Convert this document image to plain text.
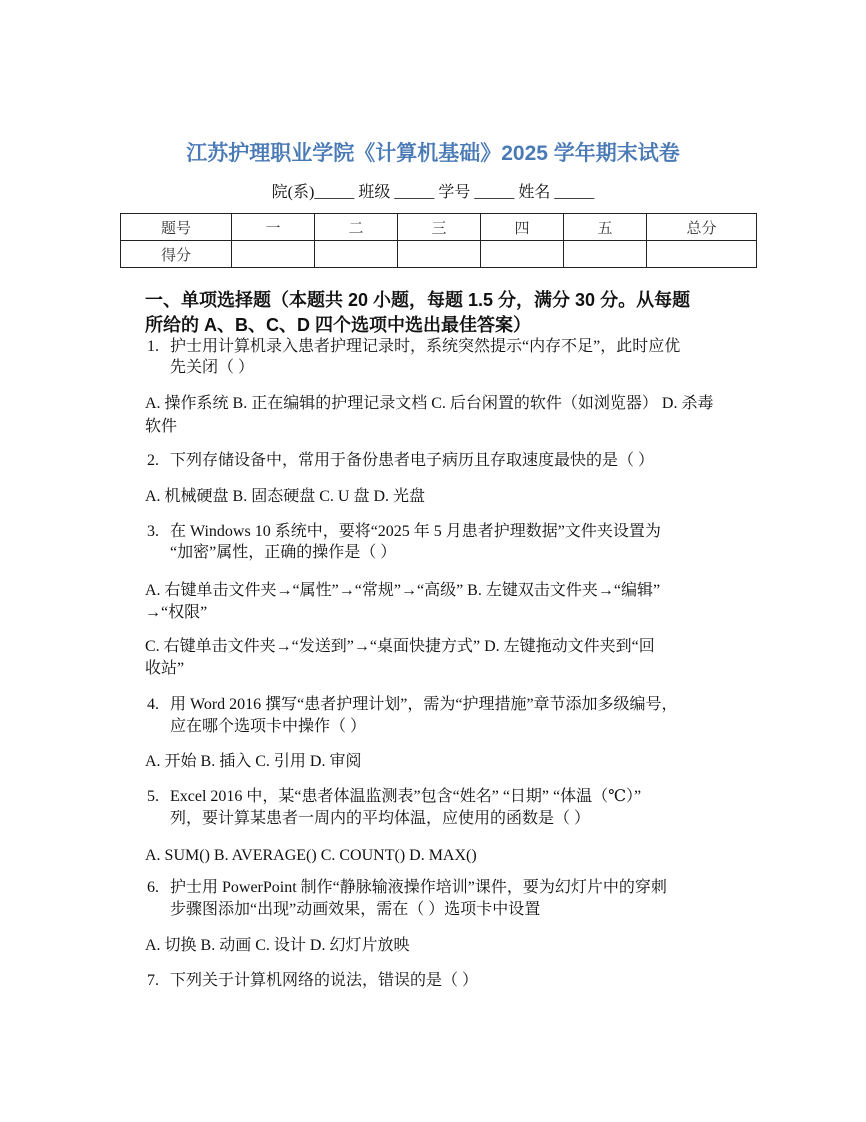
江苏护理职业学院《计算机基础》2025 学年期末试卷
院(系)_____ 班级 _____ 学号 _____ 姓名 _____
题号	一	二	三	四	五	总分
得分						
一、单项选择题（本题共 20 小题，每题 1.5 分，满分 30 分。从每题
所给的 A、B、C、D 四个选项中选出最佳答案）
1. 护士用计算机录入患者护理记录时，系统突然提示“内存不足”，此时应优
先关闭（ ）
A. 操作系统 B. 正在编辑的护理记录文档 C. 后台闲置的软件（如浏览器） D. 杀毒
软件
2. 下列存储设备中，常用于备份患者电子病历且存取速度最快的是（ ）
A. 机械硬盘 B. 固态硬盘 C. U 盘 D. 光盘
3. 在 Windows 10 系统中，要将“2025 年 5 月患者护理数据”文件夹设置为
“加密”属性，正确的操作是（ ）
A. 右键单击文件夹→“属性”→“常规”→“高级” B. 左键双击文件夹→“编辑”
→“权限”
C. 右键单击文件夹→“发送到”→“桌面快捷方式” D. 左键拖动文件夹到“回
收站”
4. 用 Word 2016 撰写“患者护理计划”，需为“护理措施”章节添加多级编号，
应在哪个选项卡中操作（ ）
A. 开始 B. 插入 C. 引用 D. 审阅
5. Excel 2016 中，某“患者体温监测表”包含“姓名” “日期” “体温（℃）”
列，要计算某患者一周内的平均体温，应使用的函数是（ ）
A. SUM() B. AVERAGE() C. COUNT() D. MAX()
6. 护士用 PowerPoint 制作“静脉输液操作培训”课件，要为幻灯片中的穿刺
步骤图添加“出现”动画效果，需在（ ）选项卡中设置
A. 切换 B. 动画 C. 设计 D. 幻灯片放映
7. 下列关于计算机网络的说法，错误的是（ ）
